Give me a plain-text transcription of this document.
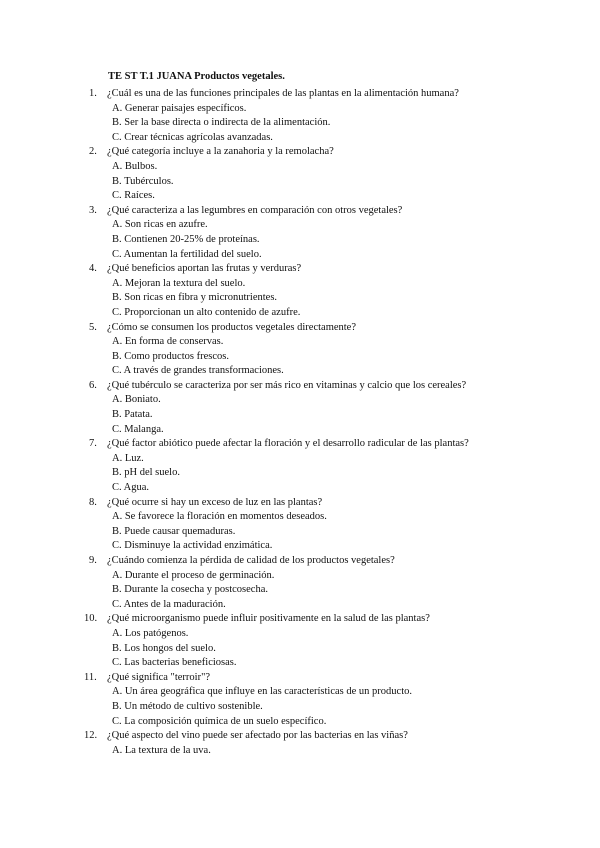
TE ST T.1 JUANA Productos vegetales.
1. ¿Cuál es una de las funciones principales de las plantas en la alimentación humana?
A. Generar paisajes específicos.
B. Ser la base directa o indirecta de la alimentación.
C. Crear técnicas agrícolas avanzadas.
2. ¿Qué categoría incluye a la zanahoria y la remolacha?
A. Bulbos.
B. Tubérculos.
C. Raíces.
3. ¿Qué caracteriza a las legumbres en comparación con otros vegetales?
A. Son ricas en azufre.
B. Contienen 20-25% de proteínas.
C. Aumentan la fertilidad del suelo.
4. ¿Qué beneficios aportan las frutas y verduras?
A. Mejoran la textura del suelo.
B. Son ricas en fibra y micronutrientes.
C. Proporcionan un alto contenido de azufre.
5. ¿Cómo se consumen los productos vegetales directamente?
A. En forma de conservas.
B. Como productos frescos.
C. A través de grandes transformaciones.
6. ¿Qué tubérculo se caracteriza por ser más rico en vitaminas y calcio que los cereales?
A. Boniato.
B. Patata.
C. Malanga.
7. ¿Qué factor abiótico puede afectar la floración y el desarrollo radicular de las plantas?
A. Luz.
B. pH del suelo.
C. Agua.
8. ¿Qué ocurre si hay un exceso de luz en las plantas?
A. Se favorece la floración en momentos deseados.
B. Puede causar quemaduras.
C. Disminuye la actividad enzimática.
9. ¿Cuándo comienza la pérdida de calidad de los productos vegetales?
A. Durante el proceso de germinación.
B. Durante la cosecha y postcosecha.
C. Antes de la maduración.
10. ¿Qué microorganismo puede influir positivamente en la salud de las plantas?
A. Los patógenos.
B. Los hongos del suelo.
C. Las bacterias beneficiosas.
11. ¿Qué significa "terroir"?
A. Un área geográfica que influye en las características de un producto.
B. Un método de cultivo sostenible.
C. La composición química de un suelo específico.
12. ¿Qué aspecto del vino puede ser afectado por las bacterias en las viñas?
A. La textura de la uva.
